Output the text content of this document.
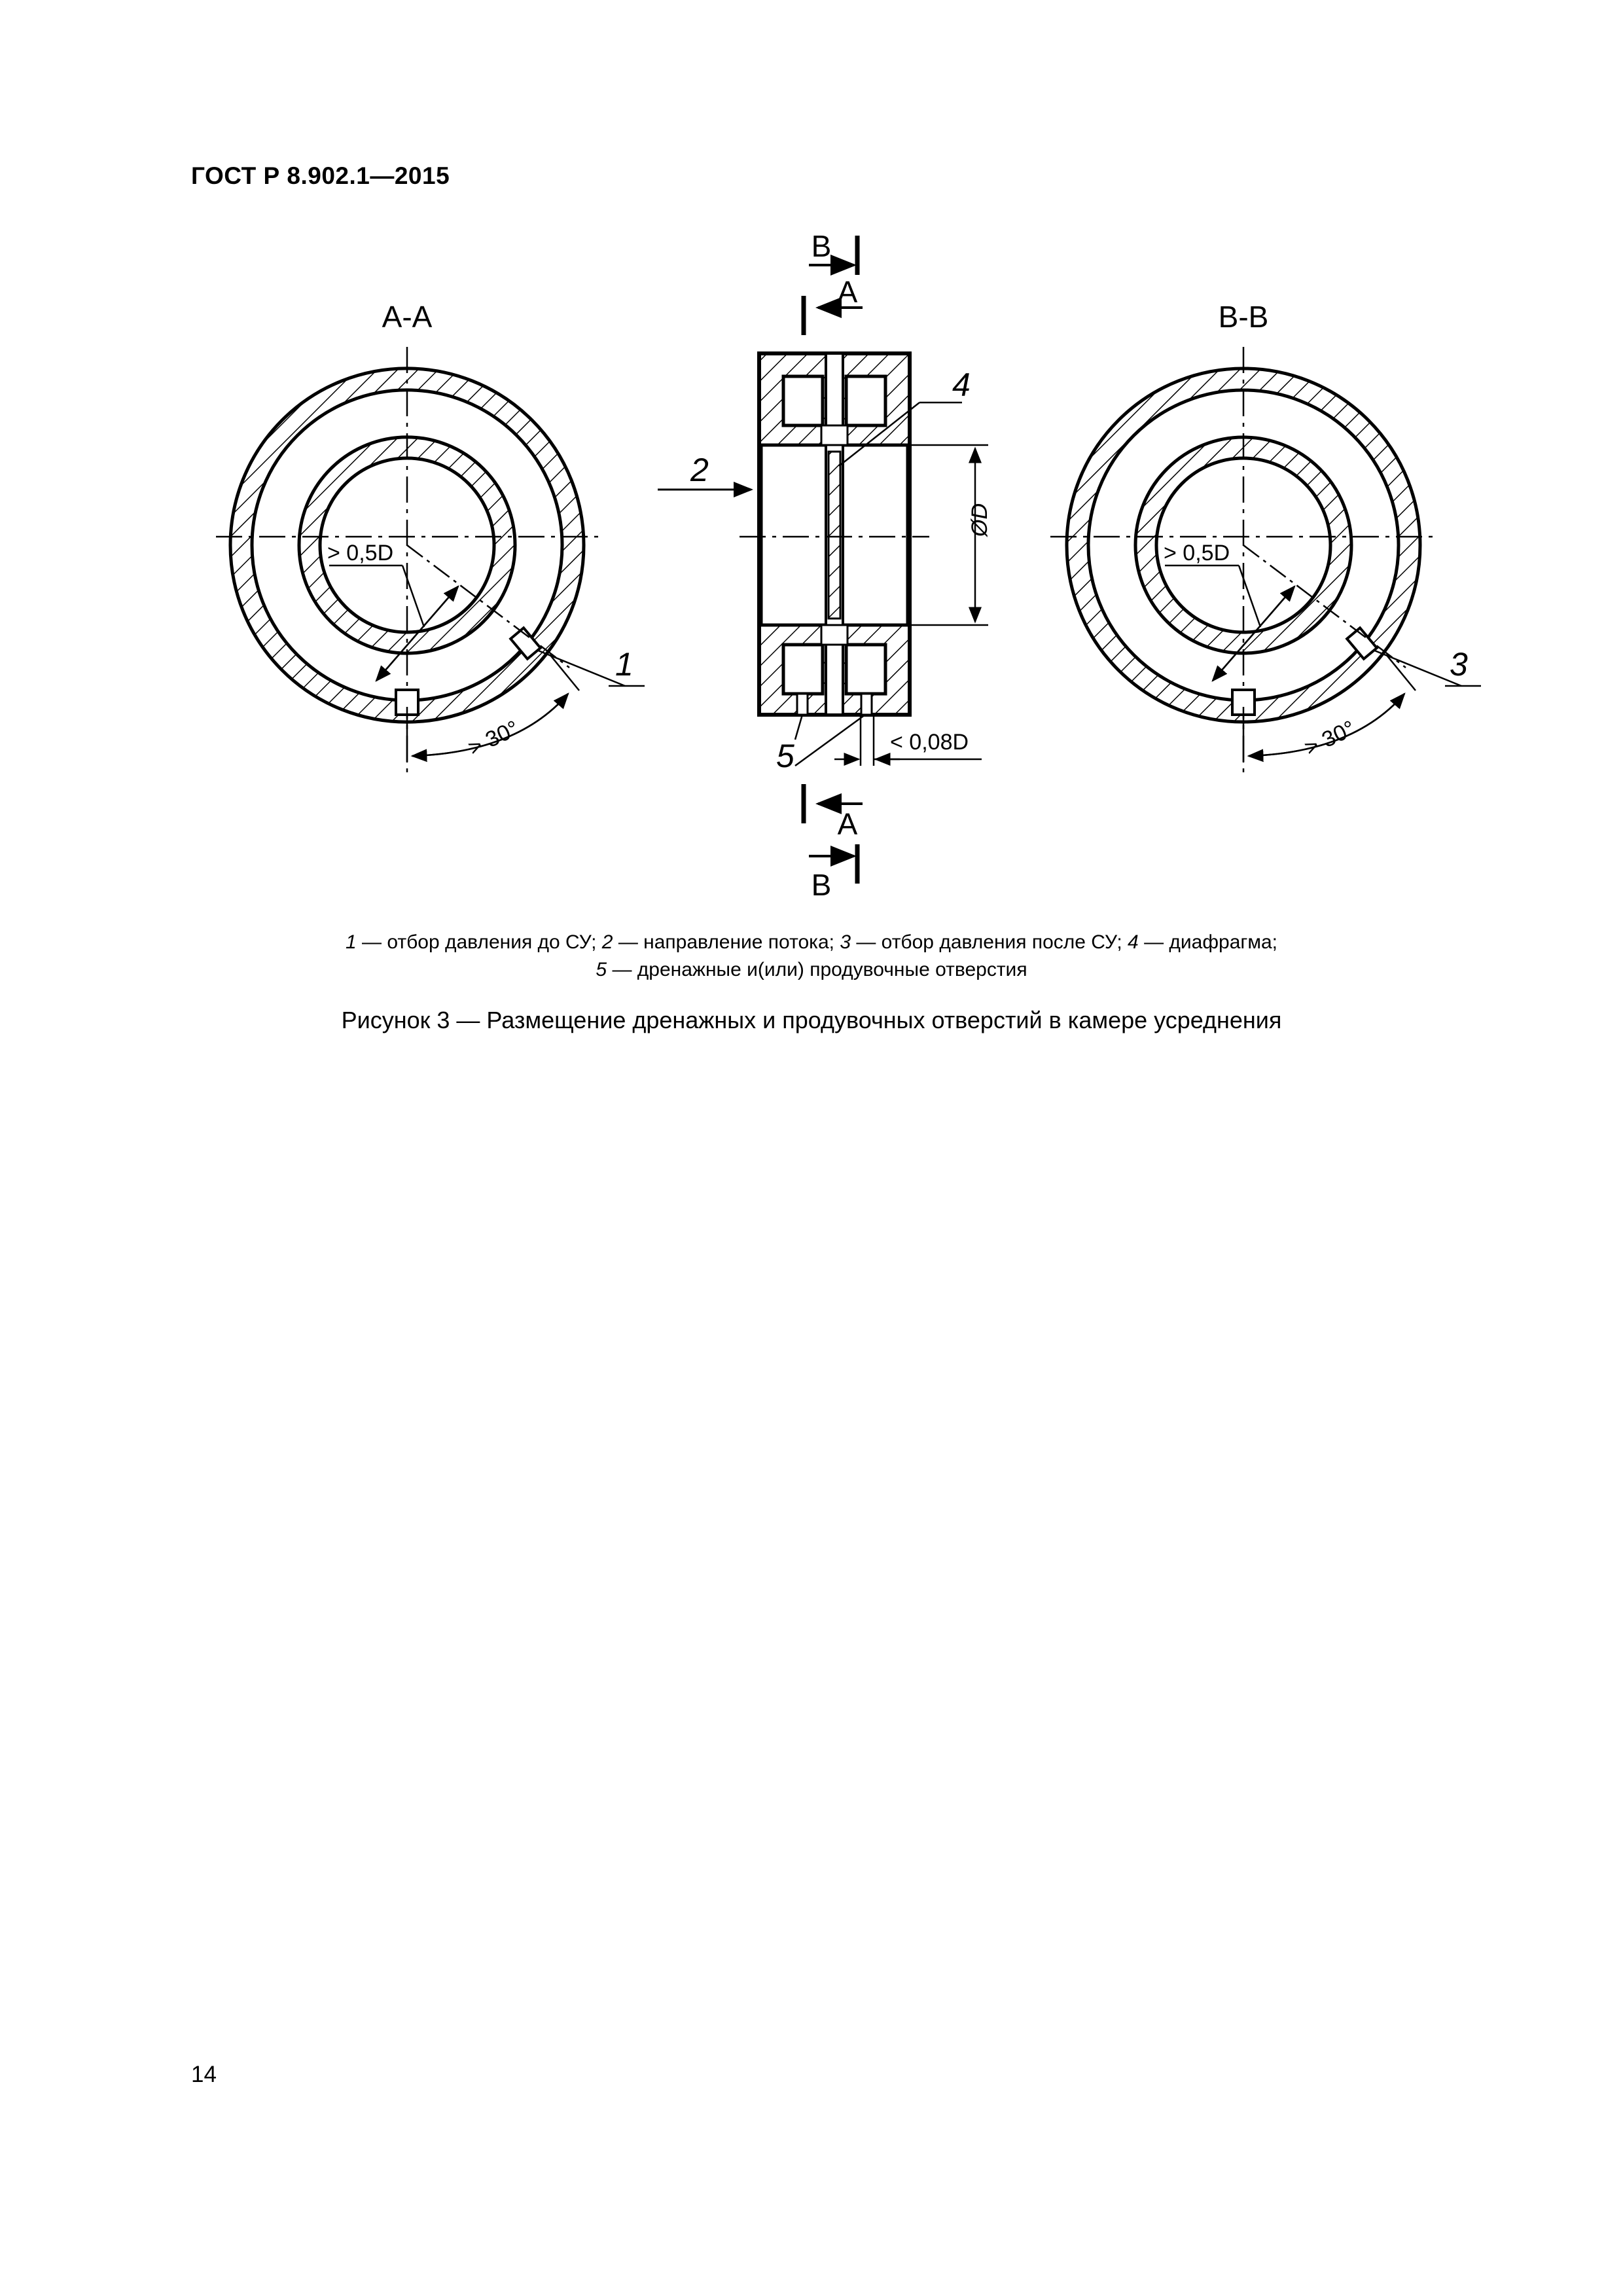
ГОСТ Р 8.902.1—2015
А-А
> 0,5D
1
> 30°
В
А
2
4
ØD
< 0,08D
5
А
В
В-В
> 0,5D
3
> 30°
1 — отбор давления до СУ; 2 — направление потока; 3 — отбор давления после СУ; 4 — диафрагма;
5 — дренажные и(или) продувочные отверстия
Рисунок 3 — Размещение дренажных и продувочных отверстий в камере усреднения
14
